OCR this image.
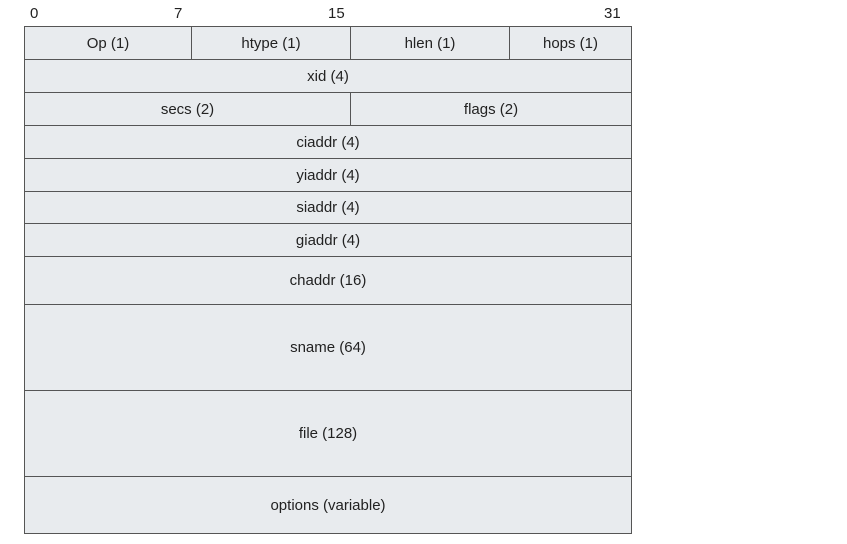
0	7	15	31
Op (1)	htype (1)	hlen (1)	hops (1)
xid (4)
secs (2)	flags (2)
ciaddr (4)
yiaddr (4)
siaddr (4)
giaddr (4)
chaddr (16)
sname (64)
file (128)
options (variable)
